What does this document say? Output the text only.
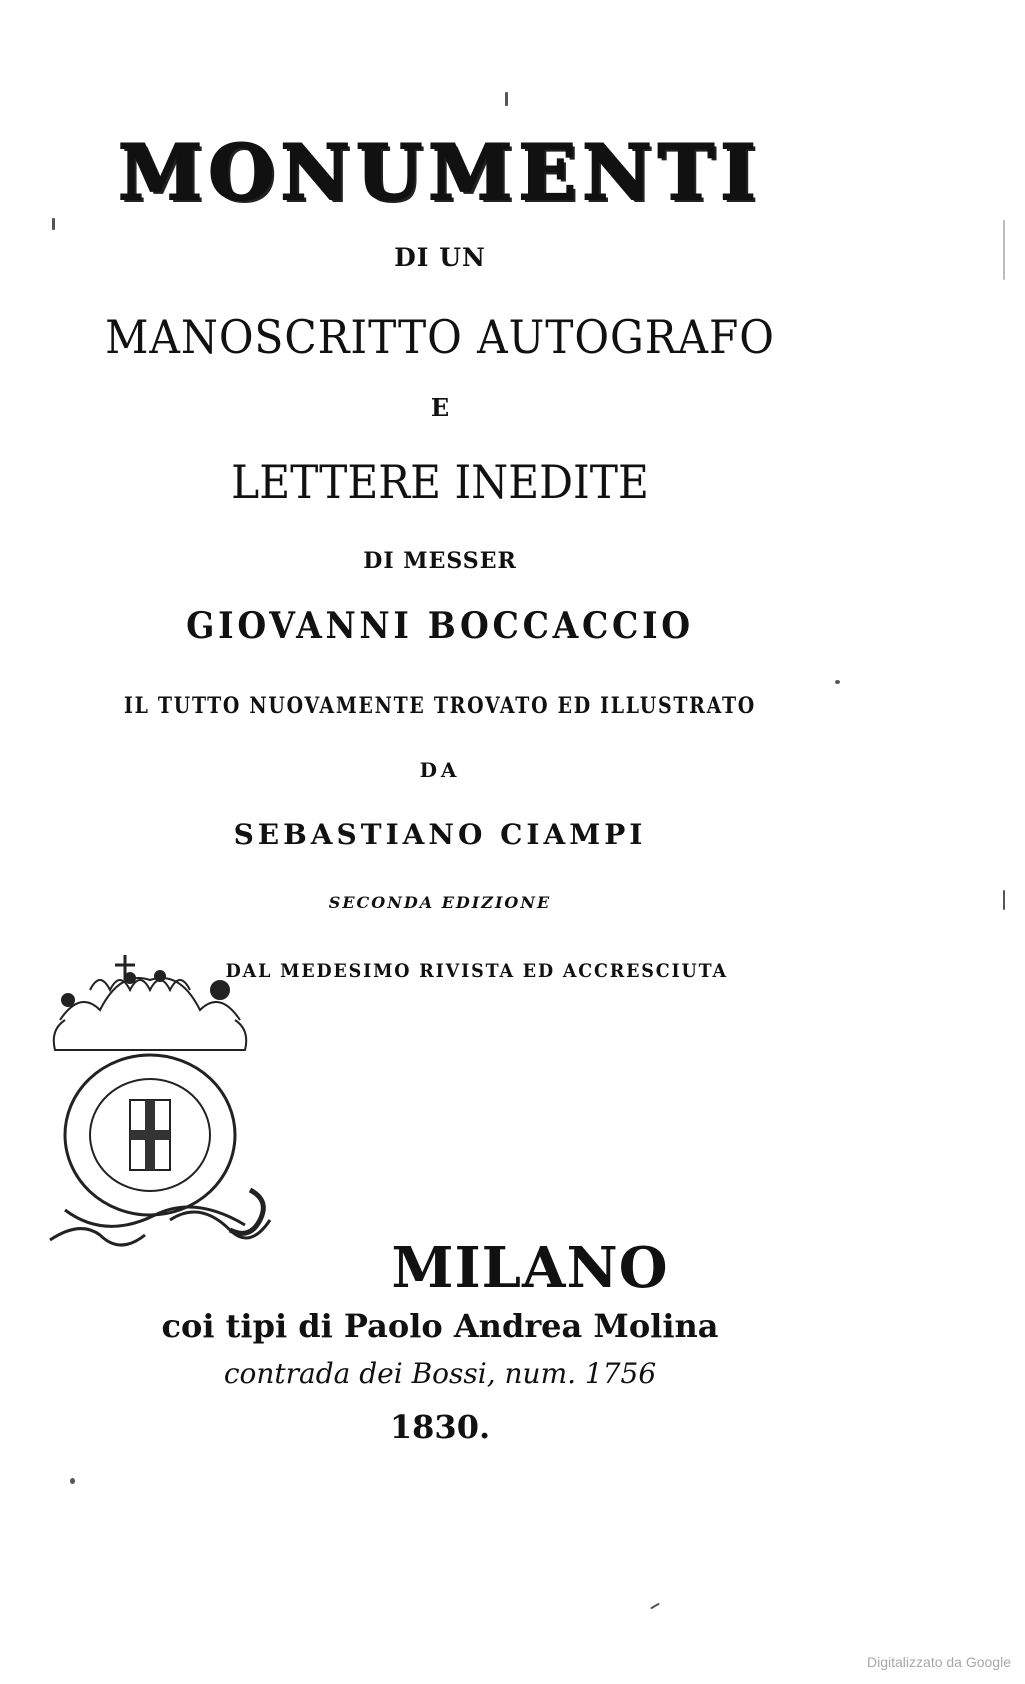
MONUMENTI
DI UN
MANOSCRITTO AUTOGRAFO
E
LETTERE INEDITE
DI MESSER
GIOVANNI BOCCACCIO
IL TUTTO NUOVAMENTE TROVATO ED ILLUSTRATO
DA
SEBASTIANO CIAMPI
SECONDA EDIZIONE
DAL MEDESIMO RIVISTA ED ACCRESCIUTA
MILANO
coi tipi di Paolo Andrea Molina
contrada dei Bossi, num. 1756
1830.
Digitalizzato da Google
